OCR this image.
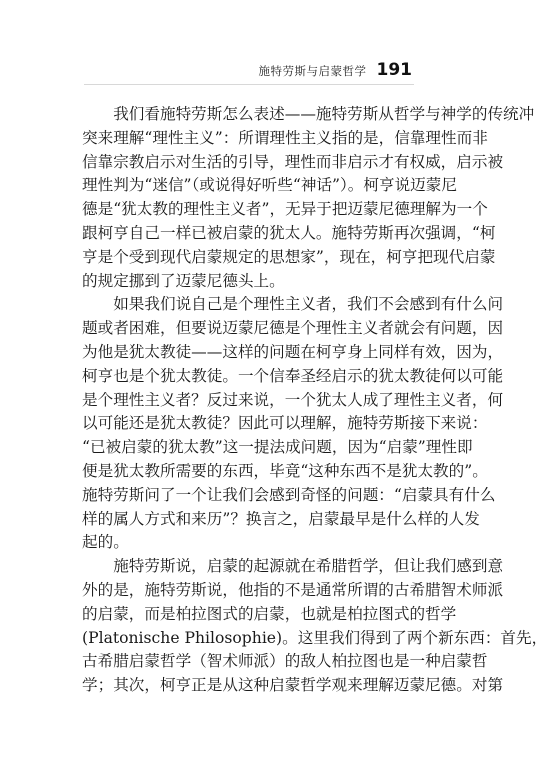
施特劳斯与启蒙哲学 191
我们看施特劳斯怎么表述——施特劳斯从哲学与神学的传统冲
突来理解“理性主义”：所谓理性主义指的是，信靠理性而非
信靠宗教启示对生活的引导，理性而非启示才有权威，启示被
理性判为“迷信”（或说得好听些“神话”）。柯亨说迈蒙尼
德是“犹太教的理性主义者”，无异于把迈蒙尼德理解为一个
跟柯亨自己一样已被启蒙的犹太人。施特劳斯再次强调，“柯
亨是个受到现代启蒙规定的思想家”，现在，柯亨把现代启蒙
的规定挪到了迈蒙尼德头上。
如果我们说自己是个理性主义者，我们不会感到有什么问
题或者困难，但要说迈蒙尼德是个理性主义者就会有问题，因
为他是犹太教徒——这样的问题在柯亨身上同样有效，因为，
柯亨也是个犹太教徒。一个信奉圣经启示的犹太教徒何以可能
是个理性主义者？反过来说，一个犹太人成了理性主义者，何
以可能还是犹太教徒？因此可以理解，施特劳斯接下来说：
“已被启蒙的犹太教”这一提法成问题，因为“启蒙”理性即
便是犹太教所需要的东西，毕竟“这种东西不是犹太教的”。
施特劳斯问了一个让我们会感到奇怪的问题：“启蒙具有什么
样的属人方式和来历”？换言之，启蒙最早是什么样的人发
起的。
施特劳斯说，启蒙的起源就在希腊哲学，但让我们感到意
外的是，施特劳斯说，他指的不是通常所谓的古希腊智术师派
的启蒙，而是柏拉图式的启蒙，也就是柏拉图式的哲学
(Platonische Philosophie)。这里我们得到了两个新东西：首先，
古希腊启蒙哲学（智术师派）的敌人柏拉图也是一种启蒙哲
学；其次，柯亨正是从这种启蒙哲学观来理解迈蒙尼德。对第
